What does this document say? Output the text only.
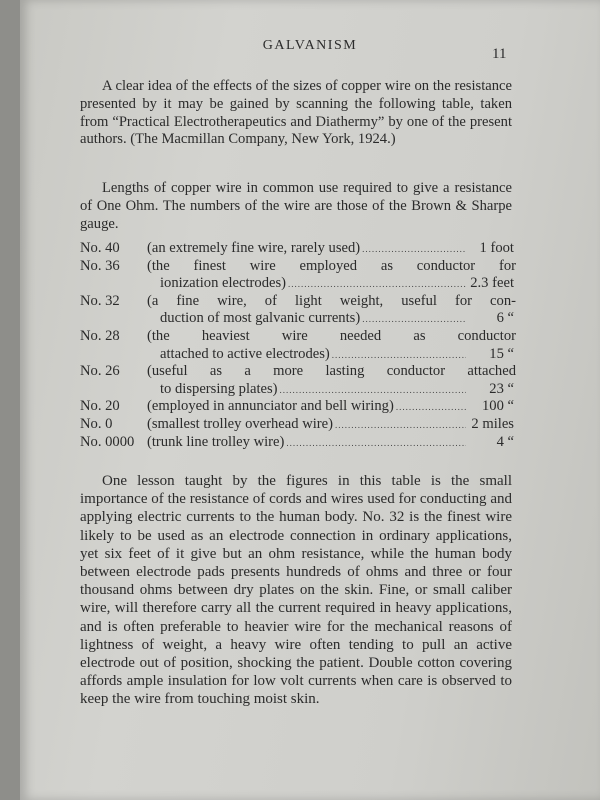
GALVANISM
11

A clear idea of the effects of the sizes of copper wire on the resistance presented by it may be gained by scanning the following table, taken from “Practical Electrotherapeutics and Diathermy” by one of the present authors. (The Macmillan Company, New York, 1924.)

Lengths of copper wire in common use required to give a resistance of One Ohm. The numbers of the wire are those of the Brown & Sharpe gauge.

No. 40 (an extremely fine wire, rarely used) .....	1 foot
No. 36 (the finest wire employed as conductor for
ionization electrodes) .....	2.3 feet
No. 32 (a fine wire, of light weight, useful for con-
duction of most galvanic currents) .....	6 “
No. 28 (the heaviest wire needed as conductor
attached to active electrodes) .....	15 “
No. 26 (useful as a more lasting conductor attached
to dispersing plates) .....	23 “
No. 20 (employed in annunciator and bell wiring) .....	100 “
No. 0 (smallest trolley overhead wire) .....	2 miles
No. 0000 (trunk line trolley wire) .....	4 “

One lesson taught by the figures in this table is the small importance of the resistance of cords and wires used for conducting and applying electric currents to the human body. No. 32 is the finest wire likely to be used as an electrode connection in ordinary applications, yet six feet of it give but an ohm resistance, while the human body between electrode pads presents hundreds of ohms and three or four thousand ohms between dry plates on the skin. Fine, or small caliber wire, will therefore carry all the current required in heavy applications, and is often preferable to heavier wire for the mechanical reasons of lightness of weight, a heavy wire often tending to pull an active electrode out of position, shocking the patient. Double cotton covering affords ample insulation for low volt currents when care is observed to keep the wire from touching moist skin.
